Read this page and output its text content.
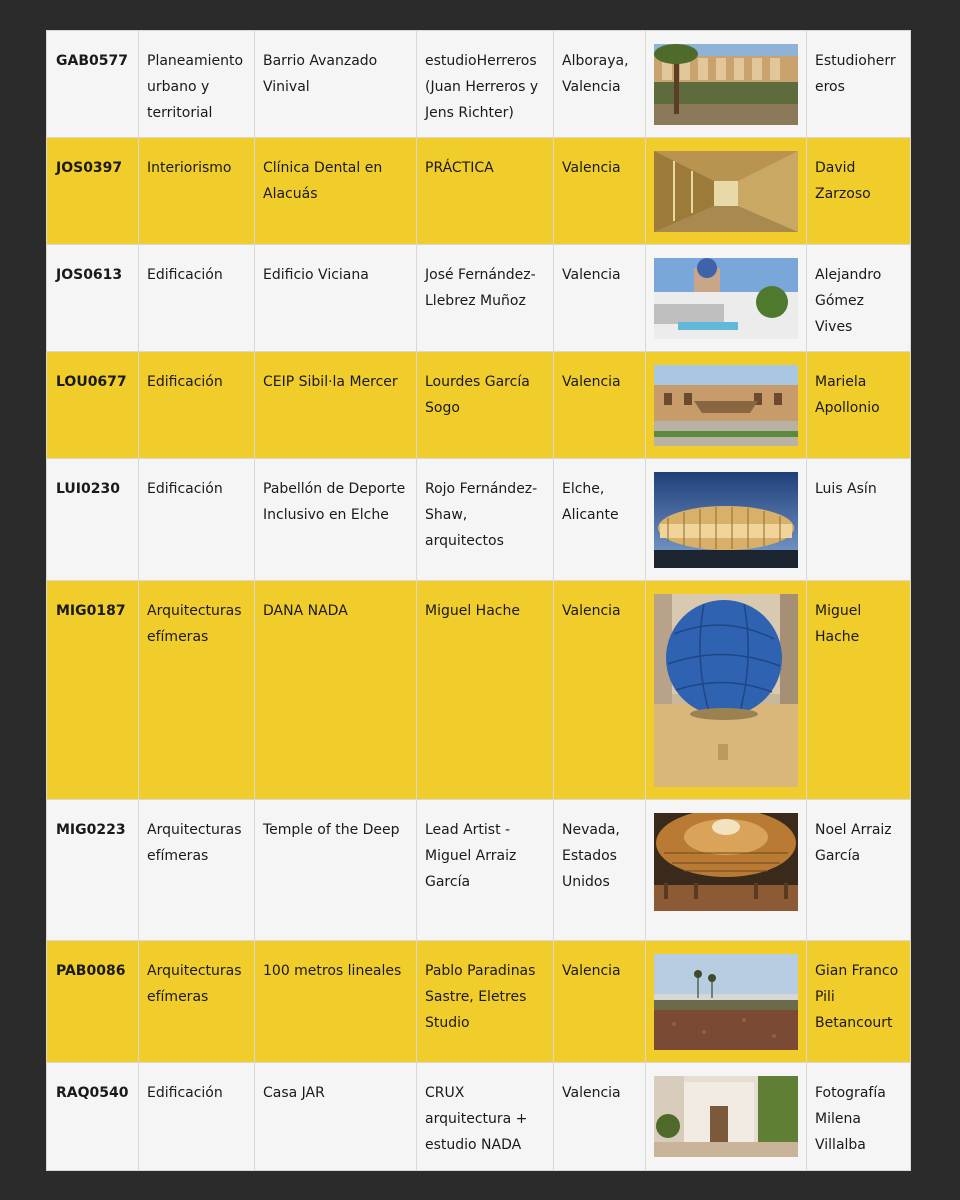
GAB0577	Planeamiento urbano y territorial	Barrio Avanzado Vinival	estudioHerreros (Juan Herreros y Jens Richter)	Alboraya, Valencia		Estudioherreros
JOS0397	Interiorismo	Clínica Dental en Alacuás	PRÁCTICA	Valencia		David Zarzoso
JOS0613	Edificación	Edificio Viciana	José Fernández-Llebrez Muñoz	Valencia		Alejandro Gómez Vives
LOU0677	Edificación	CEIP Sibil·la Mercer	Lourdes García Sogo	Valencia		Mariela Apollonio
LUI0230	Edificación	Pabellón de Deporte Inclusivo en Elche	Rojo Fernández-Shaw, arquitectos	Elche, Alicante		Luis Asín
MIG0187	Arquitecturas efímeras	DANA NADA	Miguel Hache	Valencia		Miguel Hache
MIG0223	Arquitecturas efímeras	Temple of the Deep	Lead Artist - Miguel Arraiz García	Nevada, Estados Unidos		Noel Arraiz García
PAB0086	Arquitecturas efímeras	100 metros lineales	Pablo Paradinas Sastre, Eletres Studio	Valencia		Gian Franco Pili Betancourt
RAQ0540	Edificación	Casa JAR	CRUX arquitectura + estudio NADA	Valencia		Fotografía Milena Villalba
